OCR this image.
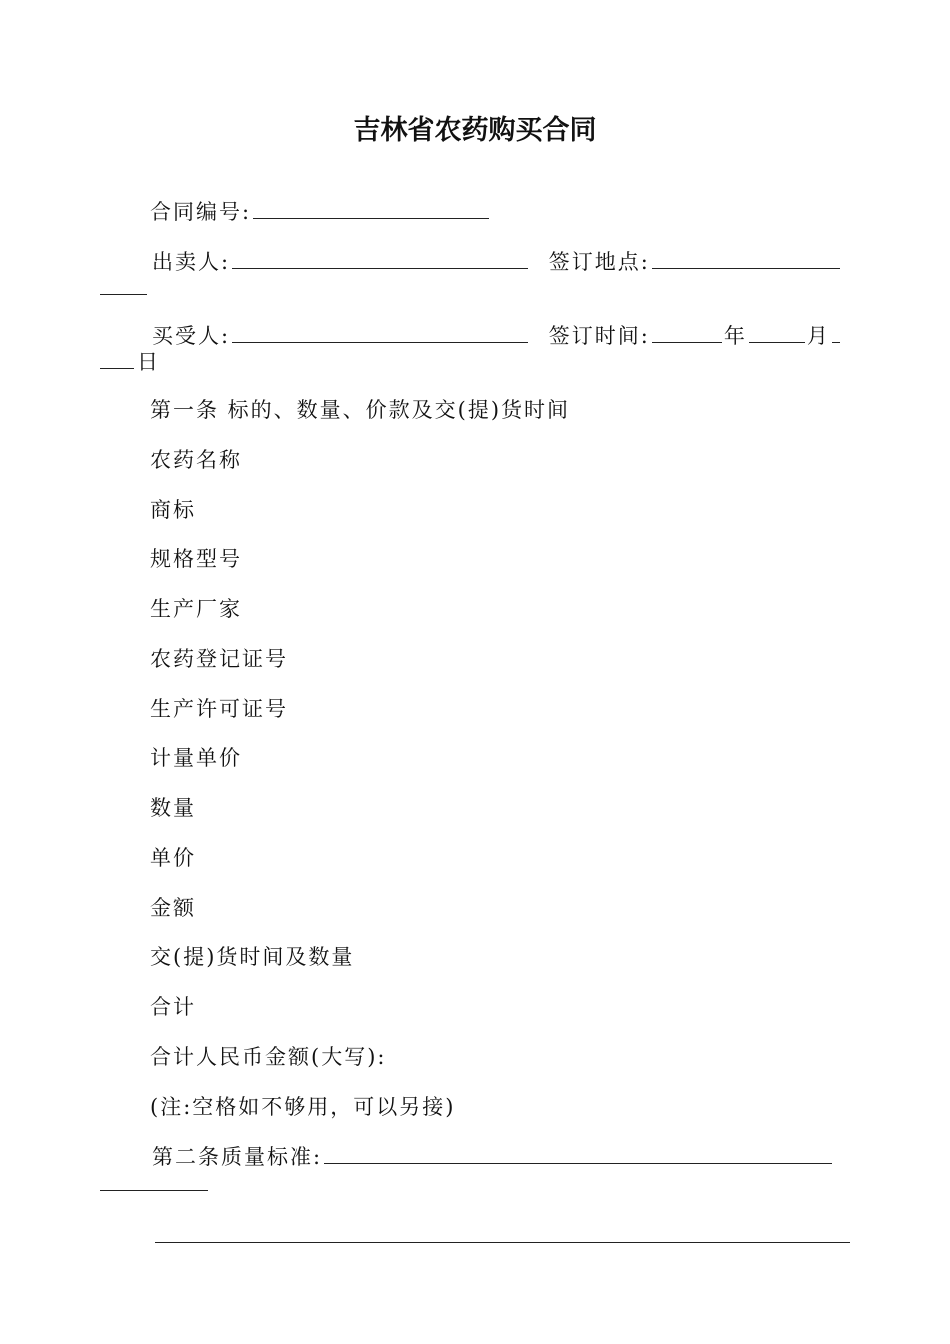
吉林省农药购买合同
合同编号:
出卖人:	签订地点:
买受人:	签订时间:	年	月
日
第一条 标的、数量、价款及交(提)货时间
农药名称
商标
规格型号
生产厂家
农药登记证号
生产许可证号
计量单价
数量
单价
金额
交(提)货时间及数量
合计
合计人民币金额(大写):
(注:空格如不够用，可以另接)
第二条质量标准:
